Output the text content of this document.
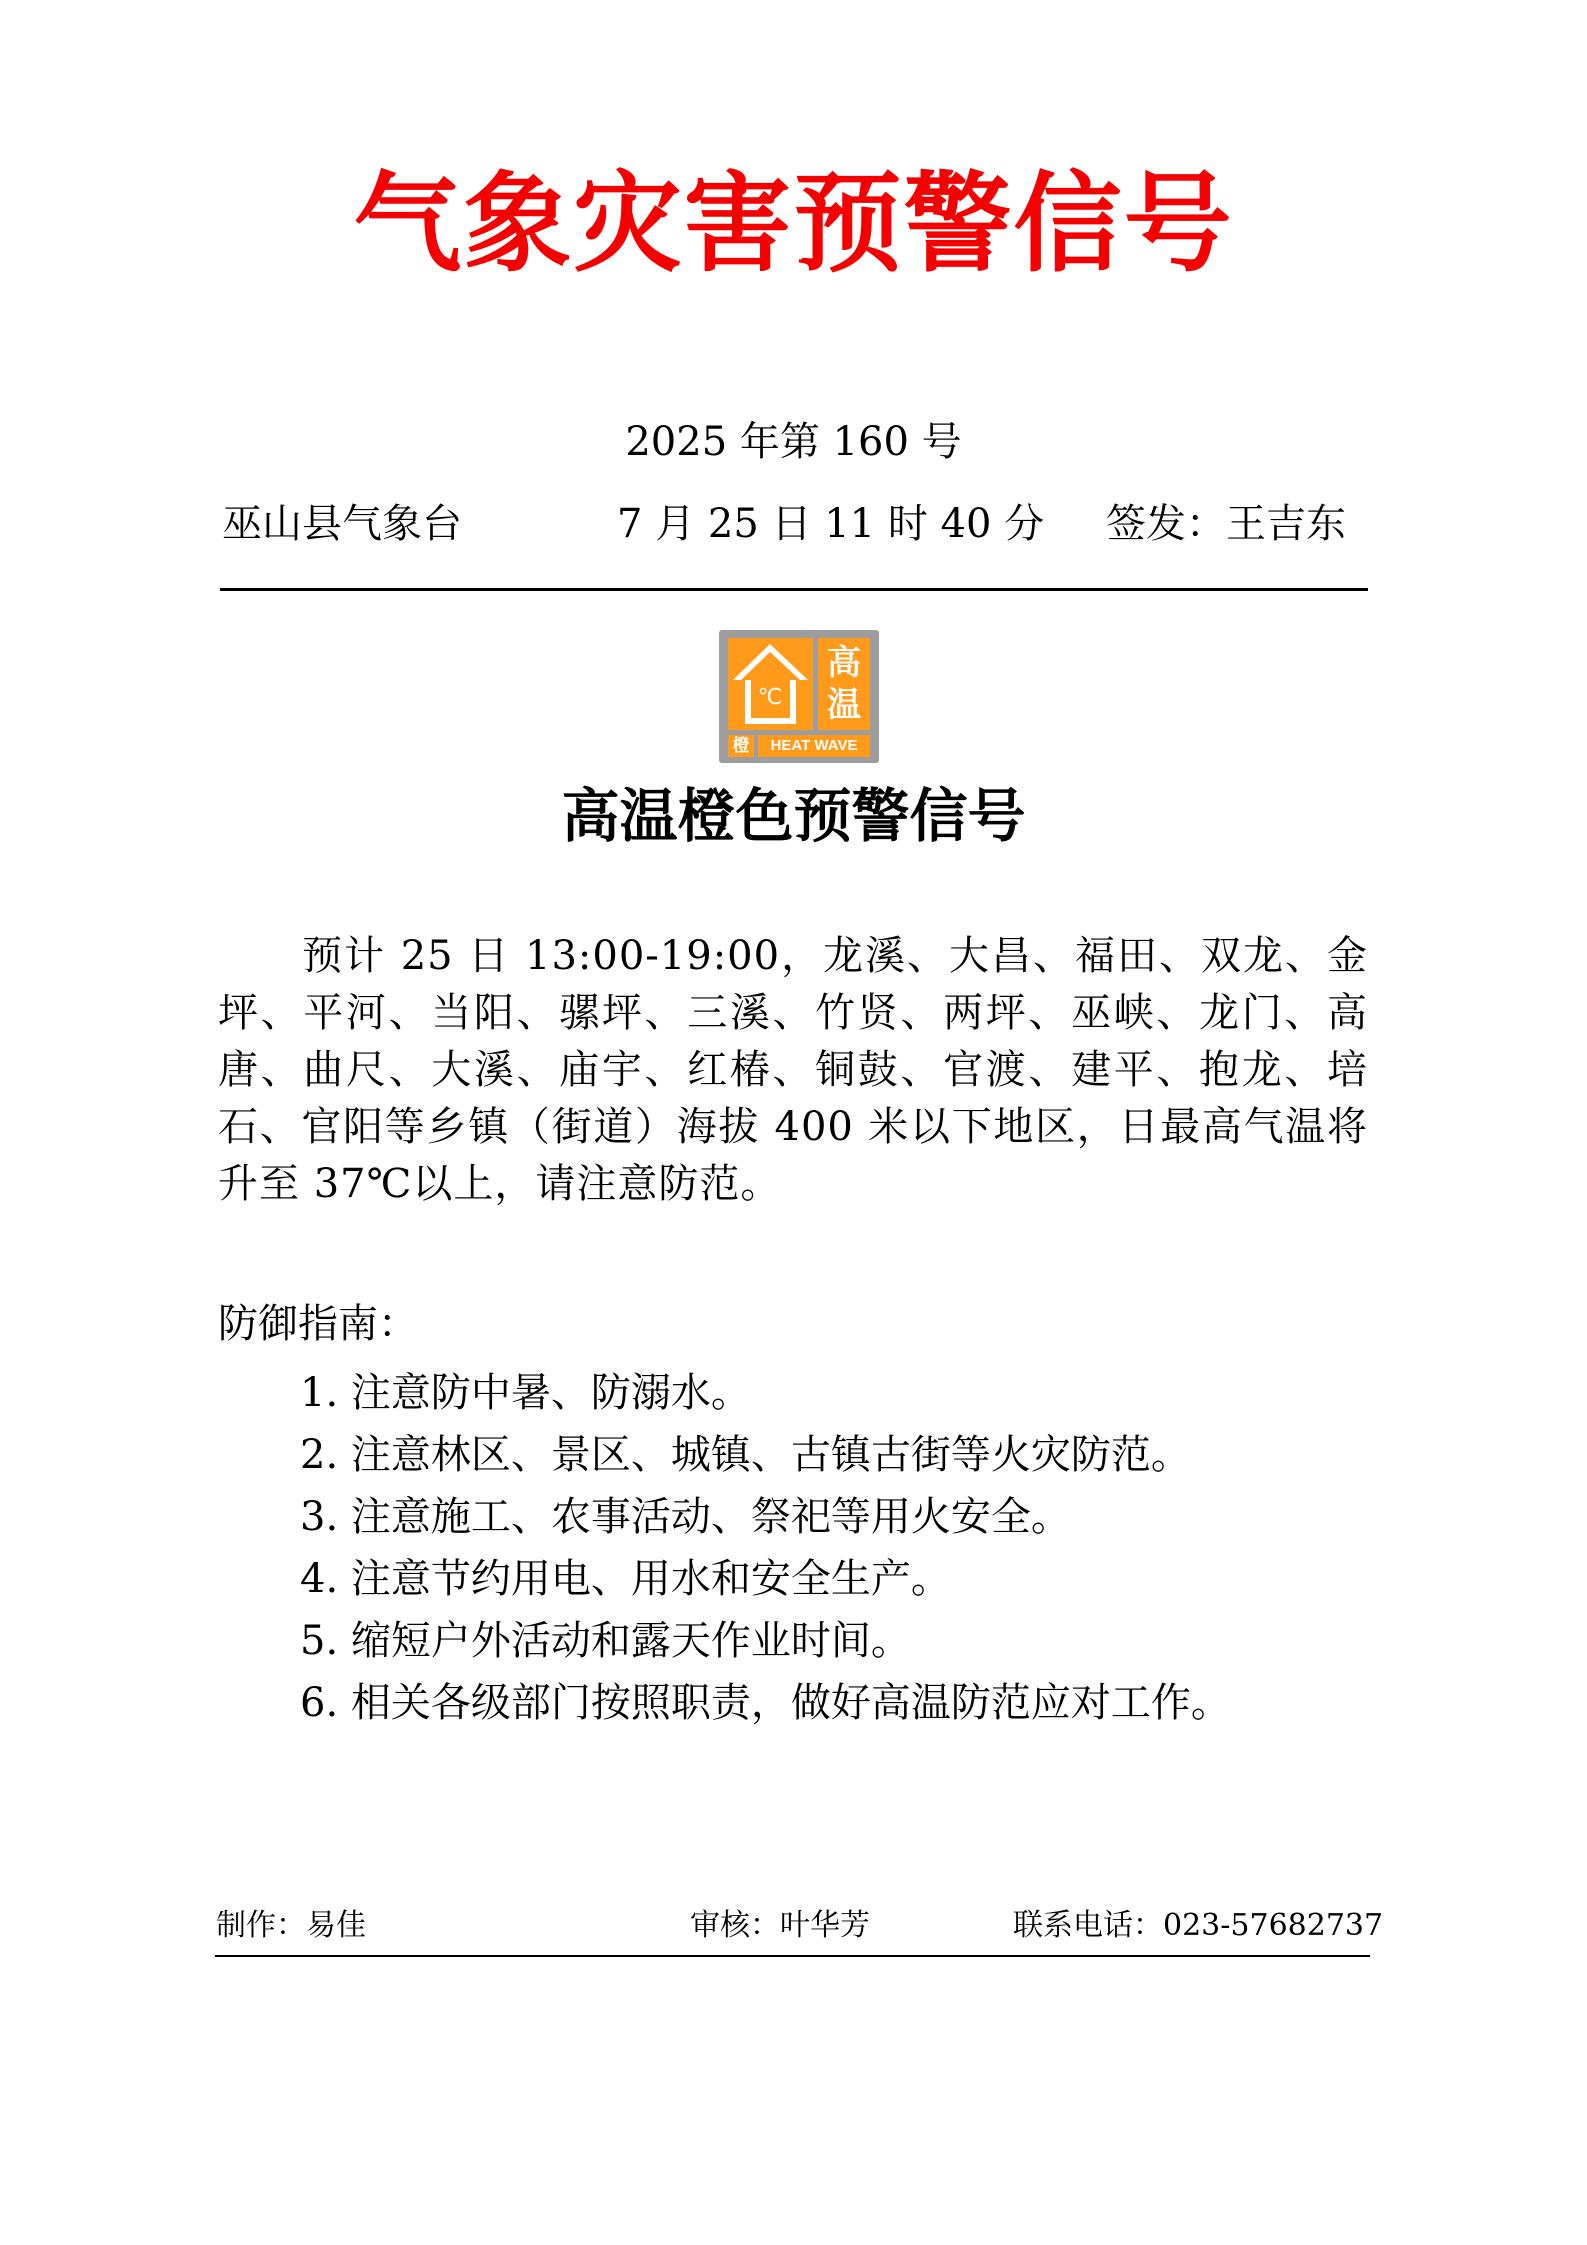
气象灾害预警信号
2025 年第 160 号
巫山县气象台	7 月 25 日 11 时 40 分 签发：王吉东
℃
高温
橙	HEAT WAVE
高温橙色预警信号
预计 25 日 13:00-19:00，龙溪、大昌、福田、双龙、金坪、平河、当阳、骡坪、三溪、竹贤、两坪、巫峡、龙门、高唐、曲尺、大溪、庙宇、红椿、铜鼓、官渡、建平、抱龙、培石、官阳等乡镇（街道）海拔 400 米以下地区，日最高气温将升至 37℃以上，请注意防范。
防御指南：
1. 注意防中暑、防溺水。
2. 注意林区、景区、城镇、古镇古街等火灾防范。
3. 注意施工、农事活动、祭祀等用火安全。
4. 注意节约用电、用水和安全生产。
5. 缩短户外活动和露天作业时间。
6. 相关各级部门按照职责，做好高温防范应对工作。
制作：易佳	审核：叶华芳	联系电话：023-57682737
